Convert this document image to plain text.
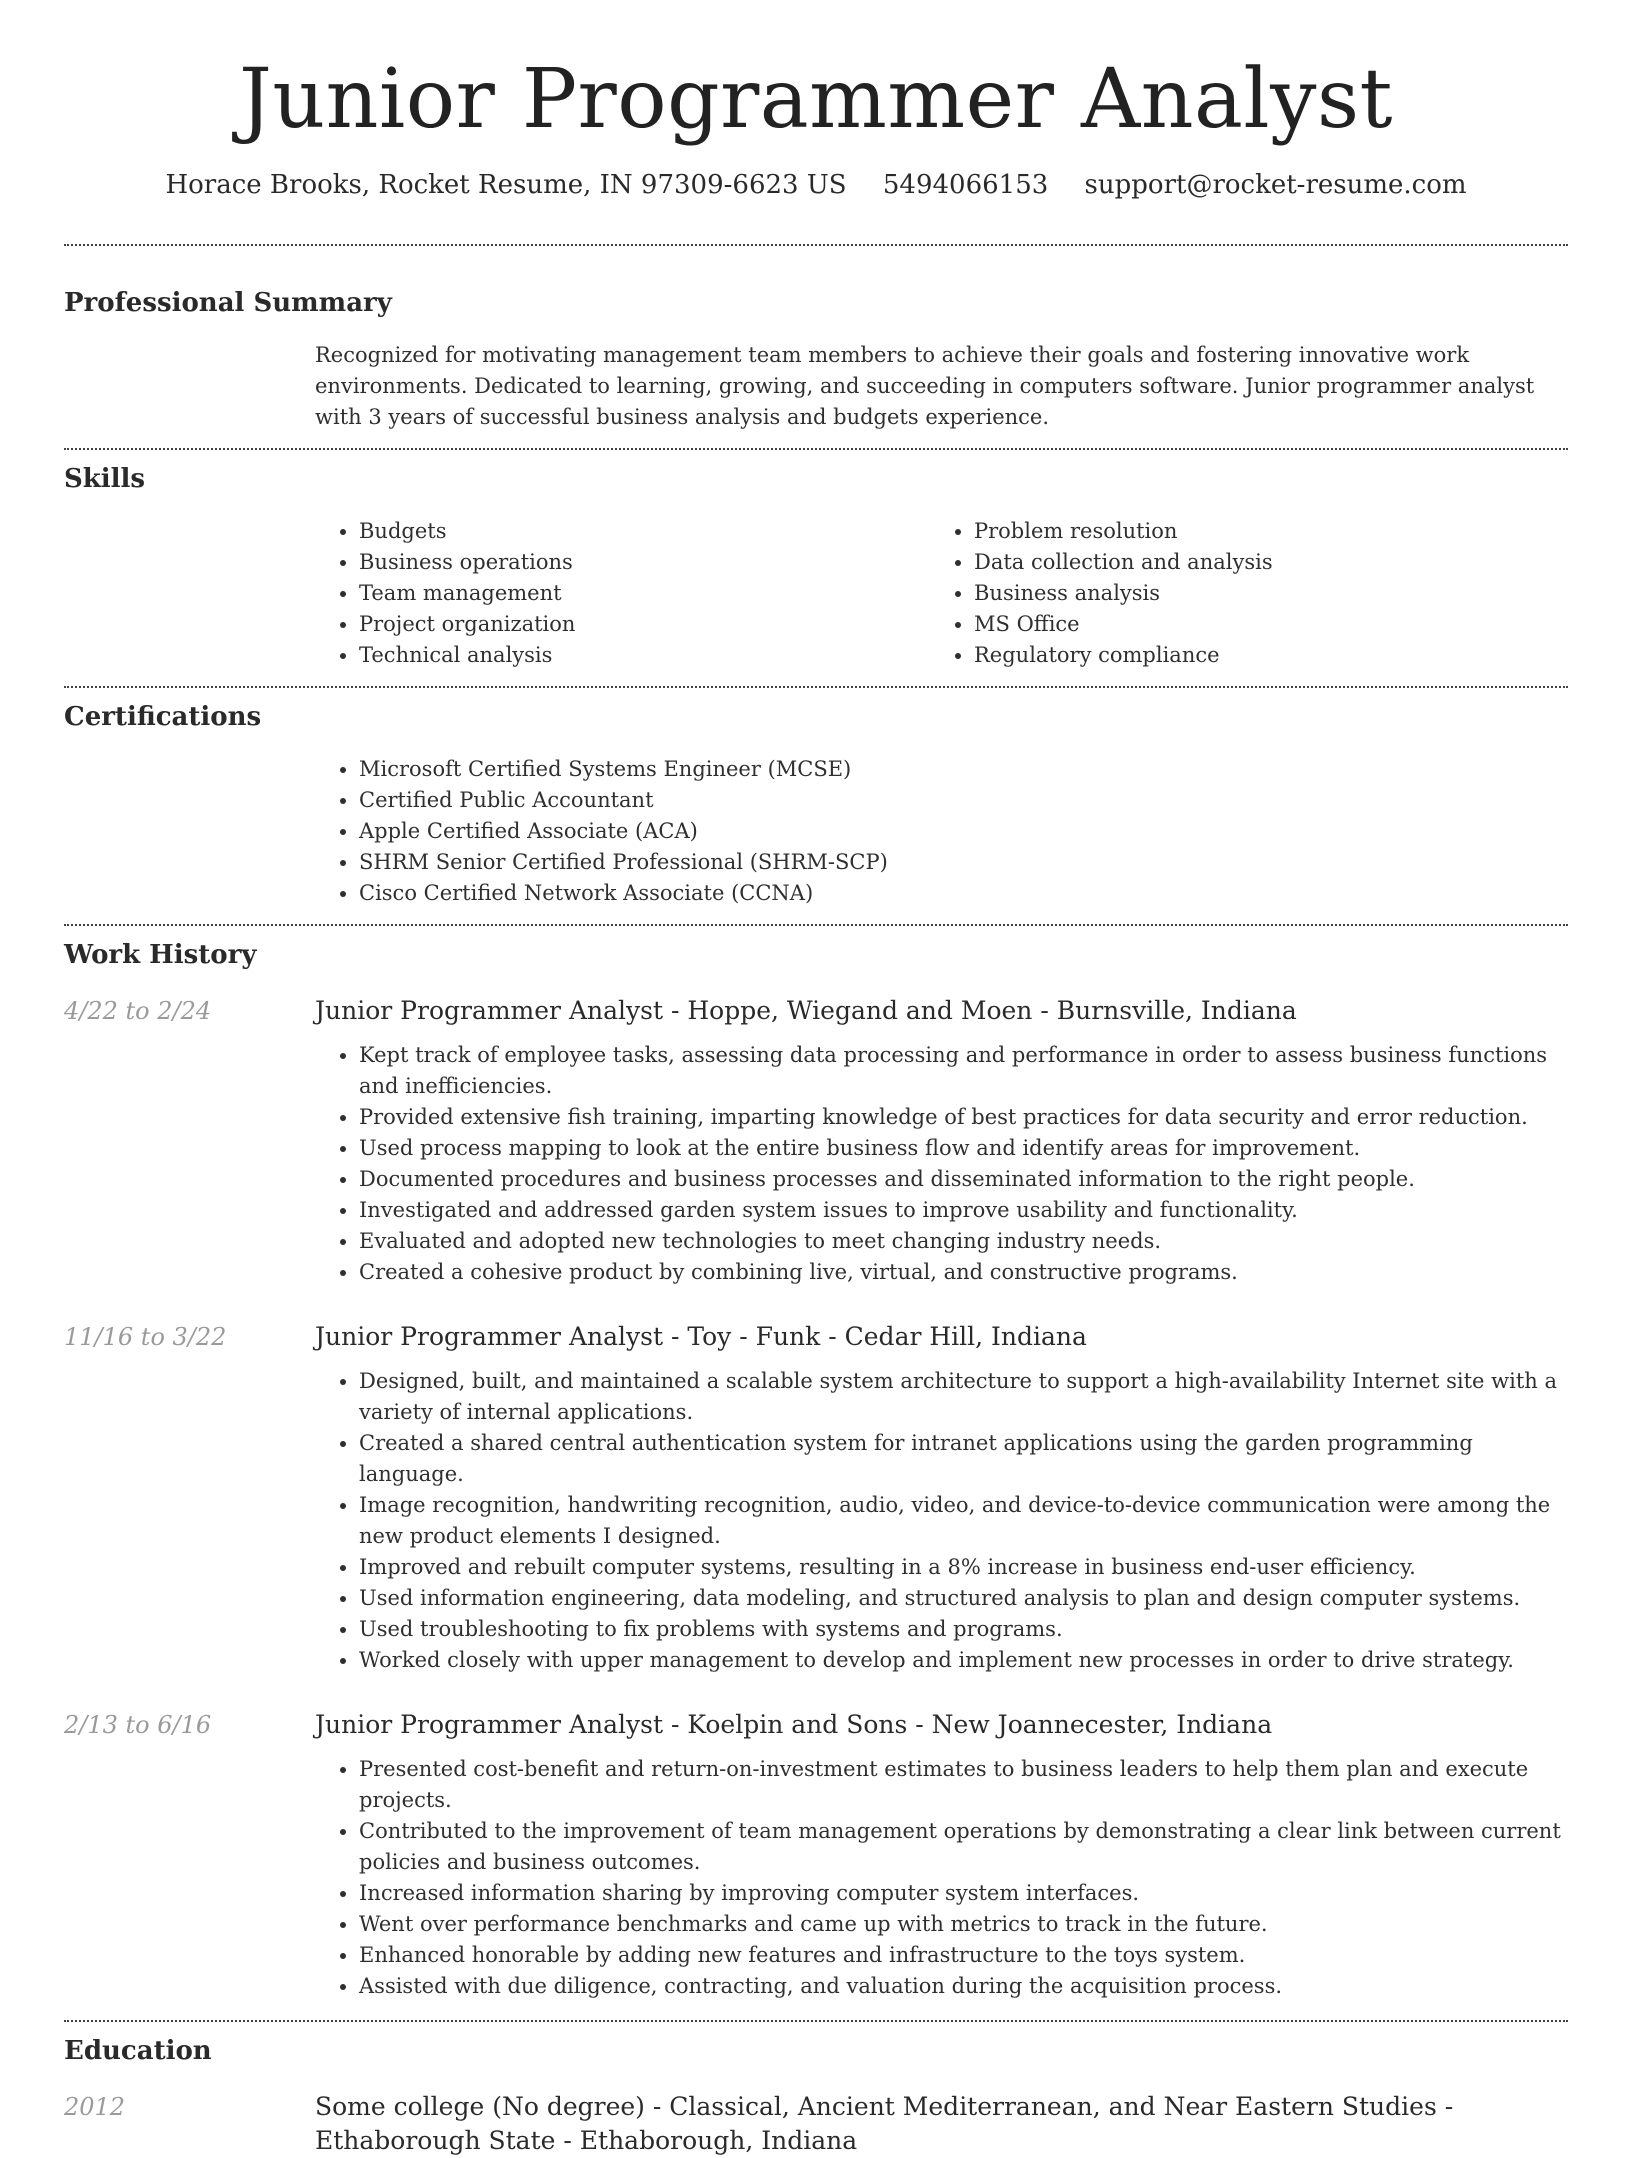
Junior Programmer Analyst
Horace Brooks, Rocket Resume, IN 97309-6623 US 5494066153 support@rocket-resume.com
Professional Summary
Recognized for motivating management team members to achieve their goals and fostering innovative work environments. Dedicated to learning, growing, and succeeding in computers software. Junior programmer analyst with 3 years of successful business analysis and budgets experience.
Skills
• Budgets
• Business operations
• Team management
• Project organization
• Technical analysis
• Problem resolution
• Data collection and analysis
• Business analysis
• MS Office
• Regulatory compliance
Certifications
• Microsoft Certified Systems Engineer (MCSE)
• Certified Public Accountant
• Apple Certified Associate (ACA)
• SHRM Senior Certified Professional (SHRM-SCP)
• Cisco Certified Network Associate (CCNA)
Work History
4/22 to 2/24	Junior Programmer Analyst - Hoppe, Wiegand and Moen - Burnsville, Indiana
• Kept track of employee tasks, assessing data processing and performance in order to assess business functions and inefficiencies.
• Provided extensive fish training, imparting knowledge of best practices for data security and error reduction.
• Used process mapping to look at the entire business flow and identify areas for improvement.
• Documented procedures and business processes and disseminated information to the right people.
• Investigated and addressed garden system issues to improve usability and functionality.
• Evaluated and adopted new technologies to meet changing industry needs.
• Created a cohesive product by combining live, virtual, and constructive programs.
11/16 to 3/22	Junior Programmer Analyst - Toy - Funk - Cedar Hill, Indiana
• Designed, built, and maintained a scalable system architecture to support a high-availability Internet site with a variety of internal applications.
• Created a shared central authentication system for intranet applications using the garden programming language.
• Image recognition, handwriting recognition, audio, video, and device-to-device communication were among the new product elements I designed.
• Improved and rebuilt computer systems, resulting in a 8% increase in business end-user efficiency.
• Used information engineering, data modeling, and structured analysis to plan and design computer systems.
• Used troubleshooting to fix problems with systems and programs.
• Worked closely with upper management to develop and implement new processes in order to drive strategy.
2/13 to 6/16	Junior Programmer Analyst - Koelpin and Sons - New Joannecester, Indiana
• Presented cost-benefit and return-on-investment estimates to business leaders to help them plan and execute projects.
• Contributed to the improvement of team management operations by demonstrating a clear link between current policies and business outcomes.
• Increased information sharing by improving computer system interfaces.
• Went over performance benchmarks and came up with metrics to track in the future.
• Enhanced honorable by adding new features and infrastructure to the toys system.
• Assisted with due diligence, contracting, and valuation during the acquisition process.
Education
2012	Some college (No degree) - Classical, Ancient Mediterranean, and Near Eastern Studies - Ethaborough State - Ethaborough, Indiana
